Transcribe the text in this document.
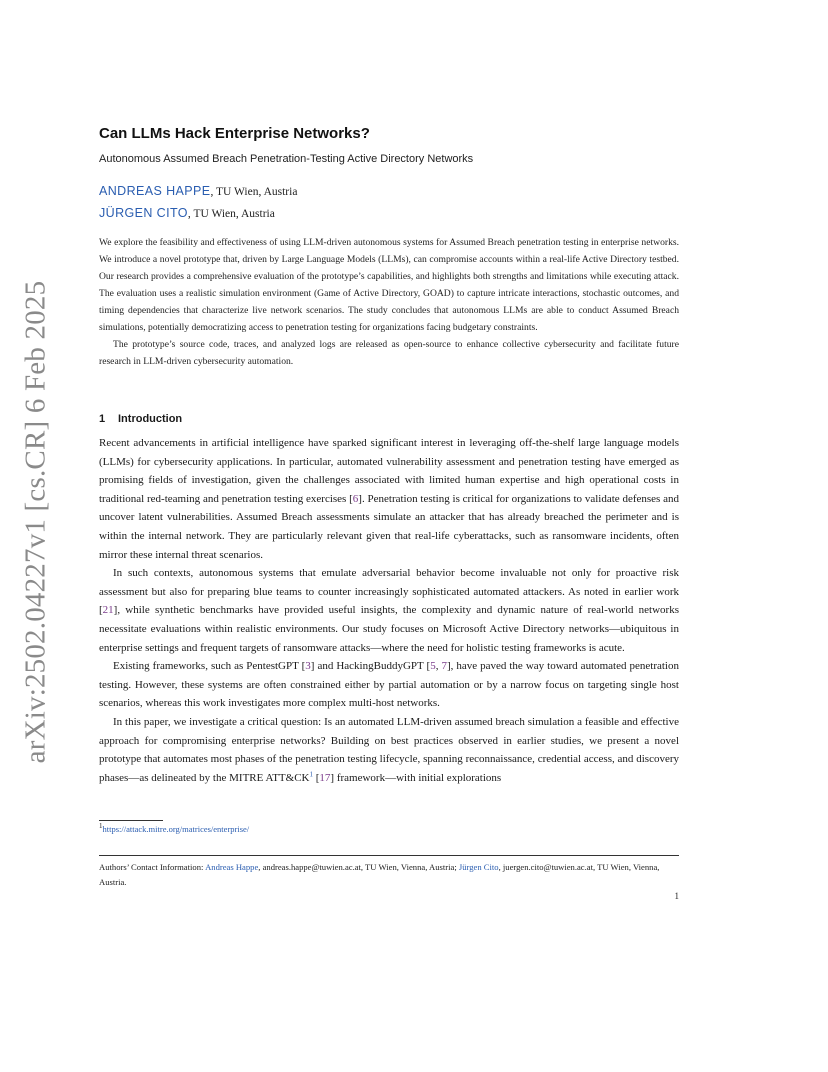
arXiv:2502.04227v1 [cs.CR] 6 Feb 2025
Can LLMs Hack Enterprise Networks?
Autonomous Assumed Breach Penetration-Testing Active Directory Networks
ANDREAS HAPPE, TU Wien, Austria
JÜRGEN CITO, TU Wien, Austria

We explore the feasibility and effectiveness of using LLM-driven autonomous systems for Assumed Breach penetration testing in enterprise networks. We introduce a novel prototype that, driven by Large Language Models (LLMs), can compromise accounts within a real-life Active Directory testbed. Our research provides a comprehensive evaluation of the prototype’s capabilities, and highlights both strengths and limitations while executing attack. The evaluation uses a realistic simulation environment (Game of Active Directory, GOAD) to capture intricate interactions, stochastic outcomes, and timing dependencies that characterize live network scenarios. The study concludes that autonomous LLMs are able to conduct Assumed Breach simulations, potentially democratizing access to penetration testing for organizations facing budgetary constraints.

The prototype’s source code, traces, and analyzed logs are released as open-source to enhance collective cybersecurity and facilitate future research in LLM-driven cybersecurity automation.

1 Introduction

Recent advancements in artificial intelligence have sparked significant interest in leveraging off-the-shelf large language models (LLMs) for cybersecurity applications. In particular, automated vulnerability assessment and penetration testing have emerged as promising fields of investigation, given the challenges associated with limited human expertise and high operational costs in traditional red-teaming and penetration testing exercises [6]. Penetration testing is critical for organizations to validate defenses and uncover latent vulnerabilities. Assumed Breach assessments simulate an attacker that has already breached the perimeter and is within the internal network. They are particularly relevant given that real-life cyberattacks, such as ransomware incidents, often mirror these internal threat scenarios.

In such contexts, autonomous systems that emulate adversarial behavior become invaluable not only for proactive risk assessment but also for preparing blue teams to counter increasingly sophisticated automated attackers. As noted in earlier work [21], while synthetic benchmarks have provided useful insights, the complexity and dynamic nature of real-world networks necessitate evaluations within realistic environments. Our study focuses on Microsoft Active Directory networks—ubiquitous in enterprise settings and frequent targets of ransomware attacks—where the need for holistic testing frameworks is acute.

Existing frameworks, such as PentestGPT [3] and HackingBuddyGPT [5, 7], have paved the way toward automated penetration testing. However, these systems are often constrained either by partial automation or by a narrow focus on targeting single host scenarios, whereas this work investigates more complex multi-host networks.

In this paper, we investigate a critical question: Is an automated LLM-driven assumed breach simulation a feasible and effective approach for compromising enterprise networks? Building on best practices observed in earlier studies, we present a novel prototype that automates most phases of the penetration testing lifecycle, spanning reconnaissance, credential access, and discovery phases—as delineated by the MITRE ATT&CK$^1$ [17] framework—with initial explorations

$^1$https://attack.mitre.org/matrices/enterprise/
Authors’ Contact Information: Andreas Happe, andreas.happe@tuwien.ac.at, TU Wien, Vienna, Austria; Jürgen Cito, juergen.cito@tuwien.ac.at, TU Wien, Vienna, Austria.
1
